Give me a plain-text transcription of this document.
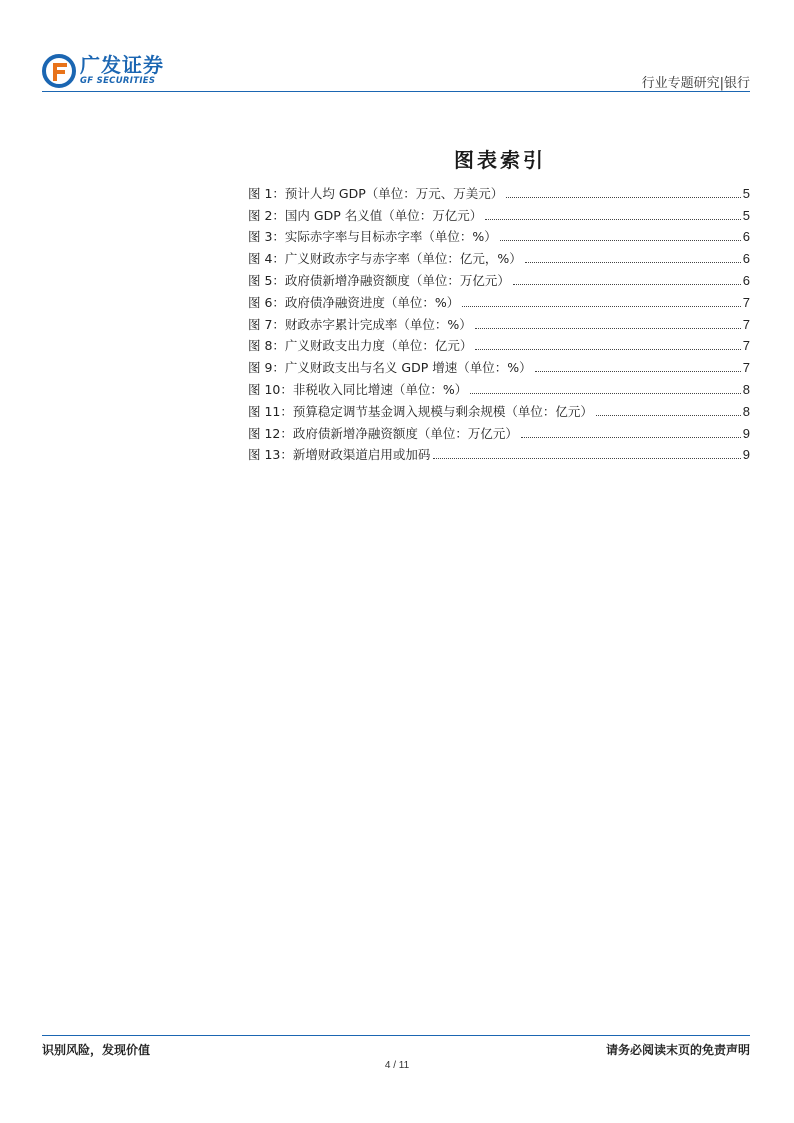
广发证券
GF SECURITIES	行业专题研究|银行
图表索引
图 1：预计人均 GDP（单位：万元、万美元）	5
图 2：国内 GDP 名义值（单位：万亿元）	5
图 3：实际赤字率与目标赤字率（单位：%）	6
图 4：广义财政赤字与赤字率（单位：亿元，%）	6
图 5：政府债新增净融资额度（单位：万亿元）	6
图 6：政府债净融资进度（单位：%）	7
图 7：财政赤字累计完成率（单位：%）	7
图 8：广义财政支出力度（单位：亿元）	7
图 9：广义财政支出与名义 GDP 增速（单位：%）	7
图 10：非税收入同比增速（单位：%）	8
图 11：预算稳定调节基金调入规模与剩余规模（单位：亿元）	8
图 12：政府债新增净融资额度（单位：万亿元）	9
图 13：新增财政渠道启用或加码	9
识别风险，发现价值	请务必阅读末页的免责声明
4 / 11
